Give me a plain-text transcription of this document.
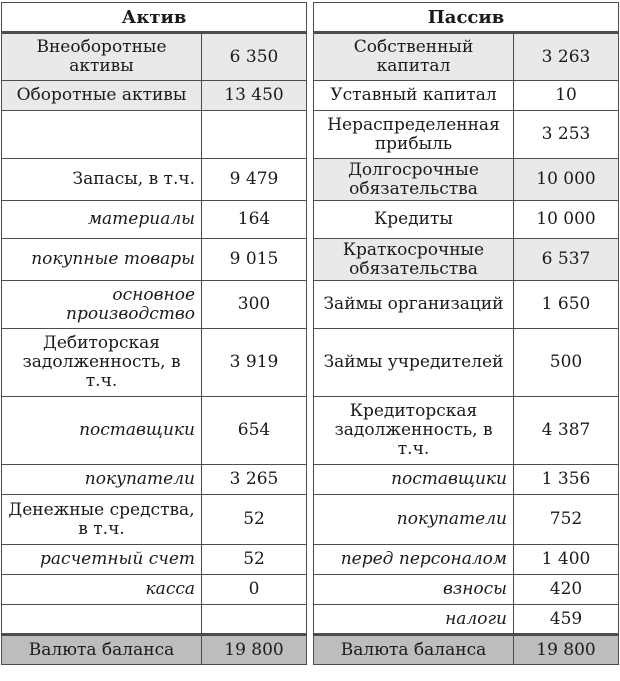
Актив	
Внеоборотные активы	6 350
Оборотные активы	13 450

Запасы, в т.ч.	9 479
материалы	164
покупные товары	9 015
основное производство	300
Дебиторская задолженность, в т.ч.	3 919
поставщики	654
покупатели	3 265
Денежные средства, в т.ч.	52
расчетный счет	52
касса	0

Валюта баланса	19 800
Пассив	
Собственный капитал	3 263
Уставный капитал	10
Нераспределенная прибыль	3 253
Долгосрочные обязательства	10 000
Кредиты	10 000
Краткосрочные обязательства	6 537
Займы организаций	1 650
Займы учредителей	500
Кредиторская задолженность, в т.ч.	4 387
поставщики	1 356
покупатели	752
перед персоналом	1 400
взносы	420
налоги	459
Валюта баланса	19 800
